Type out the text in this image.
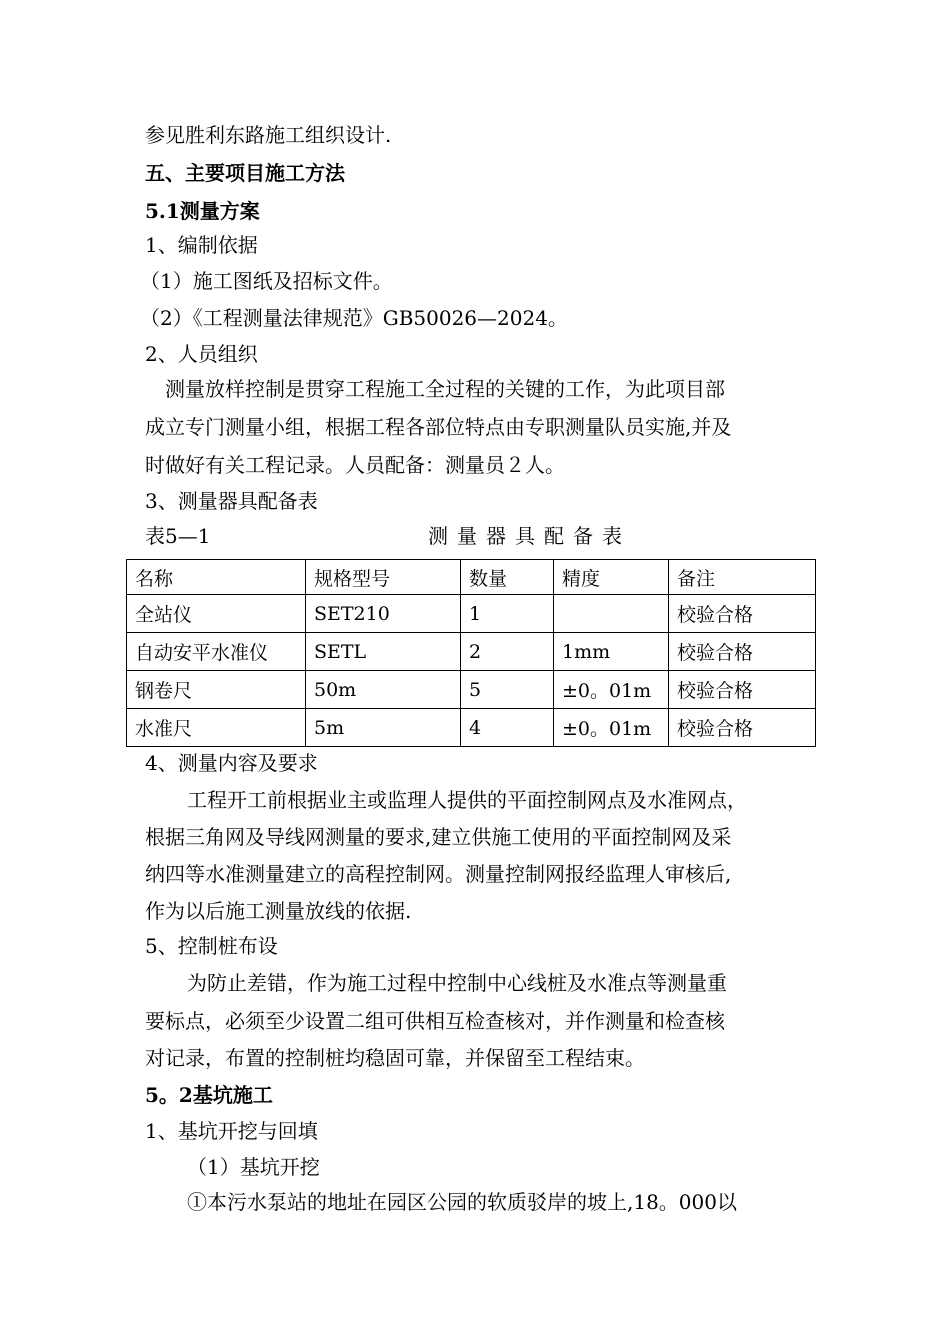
参见胜利东路施工组织设计.
五、主要项目施工方法
5.1测量方案
1、编制依据
（1）施工图纸及招标文件。
（2）《工程测量法律规范》GB50026—2024。
2、人员组织
测量放样控制是贯穿工程施工全过程的关键的工作，为此项目部
成立专门测量小组，根据工程各部位特点由专职测量队员实施,并及
时做好有关工程记录。人员配备：测量员２人。
3、测量器具配备表
表5—1	测量器具配备表
名称	规格型号	数量	精度	备注
全站仪	SET210	1		校验合格
自动安平水准仪	SETL	2	1mm	校验合格
钢卷尺	50m	5	±0。01m	校验合格
水准尺	5m	4	±0。01m	校验合格
4、测量内容及要求
工程开工前根据业主或监理人提供的平面控制网点及水准网点，
根据三角网及导线网测量的要求,建立供施工使用的平面控制网及采
纳四等水准测量建立的高程控制网。测量控制网报经监理人审核后,
作为以后施工测量放线的依据.
5、控制桩布设
为防止差错，作为施工过程中控制中心线桩及水准点等测量重
要标点，必须至少设置二组可供相互检查核对，并作测量和检查核
对记录，布置的控制桩均稳固可靠，并保留至工程结束。
5。2基坑施工
1、基坑开挖与回填
（1）基坑开挖
①本污水泵站的地址在园区公园的软质驳岸的坡上,18。000以
